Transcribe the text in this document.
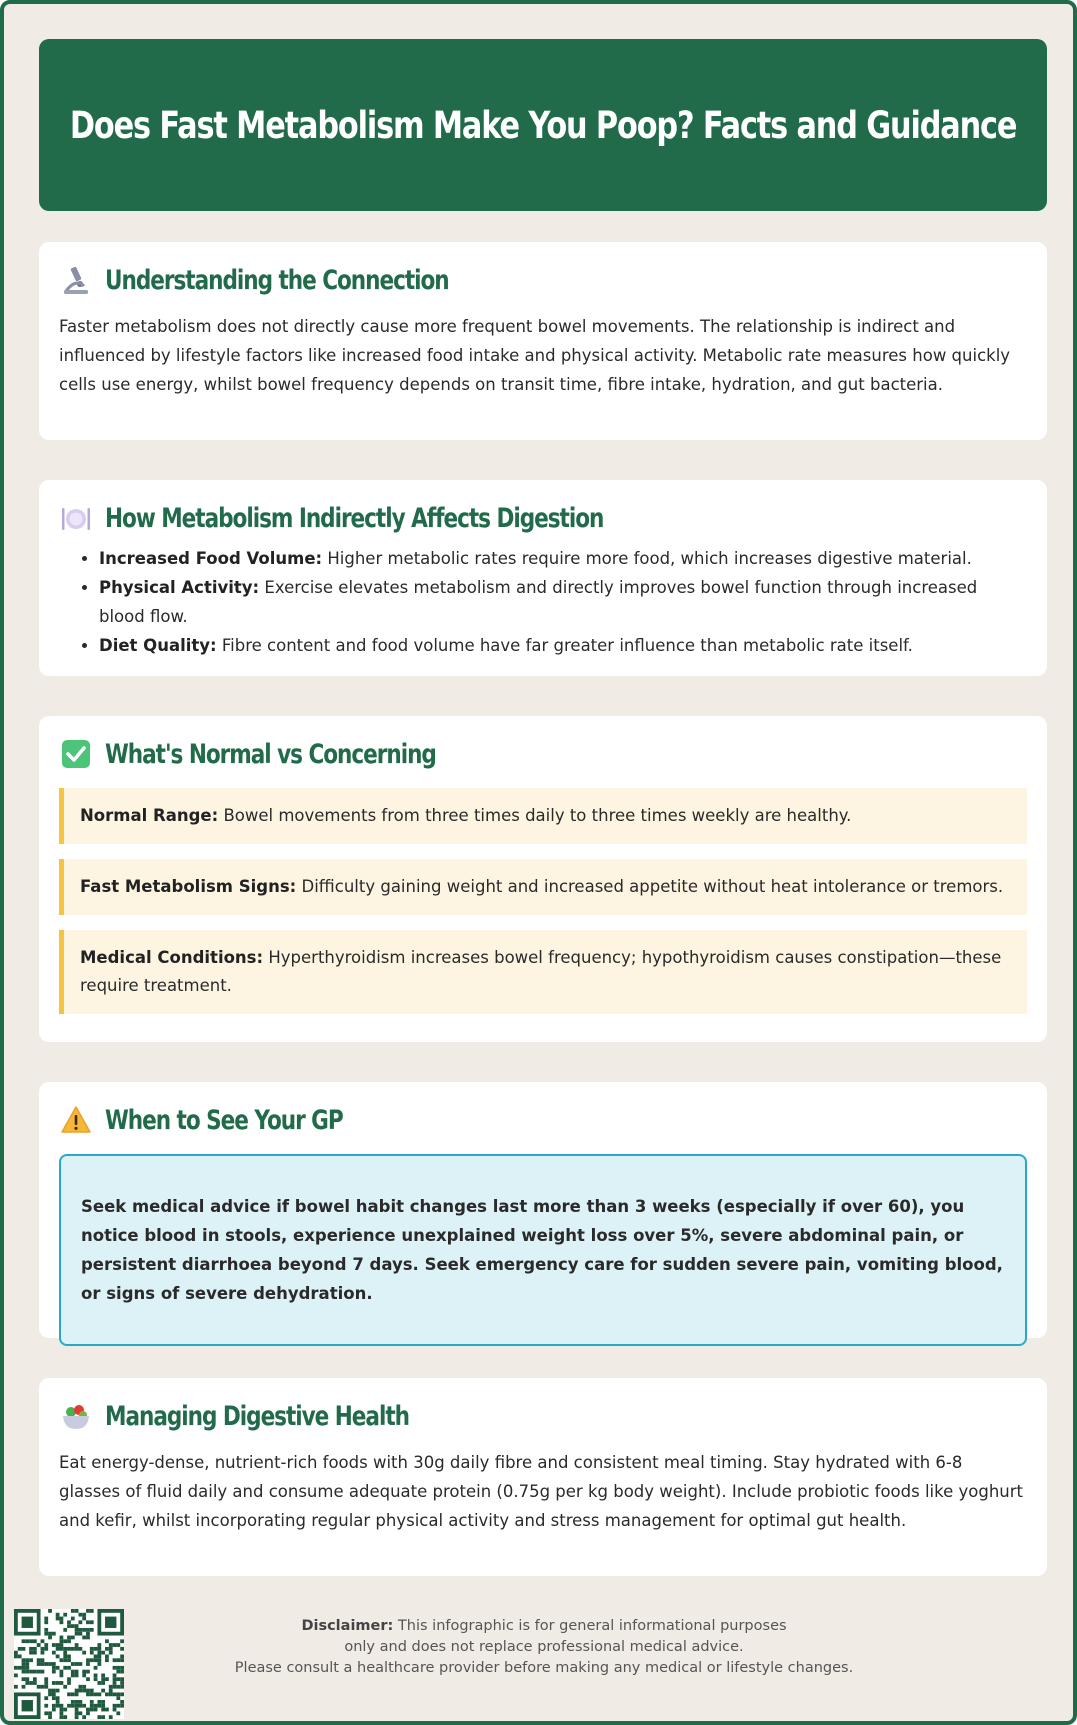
Does Fast Metabolism Make You Poop? Facts and Guidance
Understanding the Connection

Faster metabolism does not directly cause more frequent bowel movements. The relationship is indirect and influenced by lifestyle factors like increased food intake and physical activity. Metabolic rate measures how quickly cells use energy, whilst bowel frequency depends on transit time, fibre intake, hydration, and gut bacteria.

How Metabolism Indirectly Affects Digestion
• Increased Food Volume: Higher metabolic rates require more food, which increases digestive material.
• Physical Activity: Exercise elevates metabolism and directly improves bowel function through increased blood flow.
• Diet Quality: Fibre content and food volume have far greater influence than metabolic rate itself.
What's Normal vs Concerning
Normal Range: Bowel movements from three times daily to three times weekly are healthy.
Fast Metabolism Signs: Difficulty gaining weight and increased appetite without heat intolerance or tremors.
Medical Conditions: Hyperthyroidism increases bowel frequency; hypothyroidism causes constipation—these require treatment.
When to See Your GP
Seek medical advice if bowel habit changes last more than 3 weeks (especially if over 60), you notice blood in stools, experience unexplained weight loss over 5%, severe abdominal pain, or persistent diarrhoea beyond 7 days. Seek emergency care for sudden severe pain, vomiting blood, or signs of severe dehydration.
Managing Digestive Health

Eat energy-dense, nutrient-rich foods with 30g daily fibre and consistent meal timing. Stay hydrated with 6-8 glasses of fluid daily and consume adequate protein (0.75g per kg body weight). Include probiotic foods like yoghurt and kefir, whilst incorporating regular physical activity and stress management for optimal gut health.

Disclaimer: This infographic is for general informational purposes
only and does not replace professional medical advice.
Please consult a healthcare provider before making any medical or lifestyle changes.
